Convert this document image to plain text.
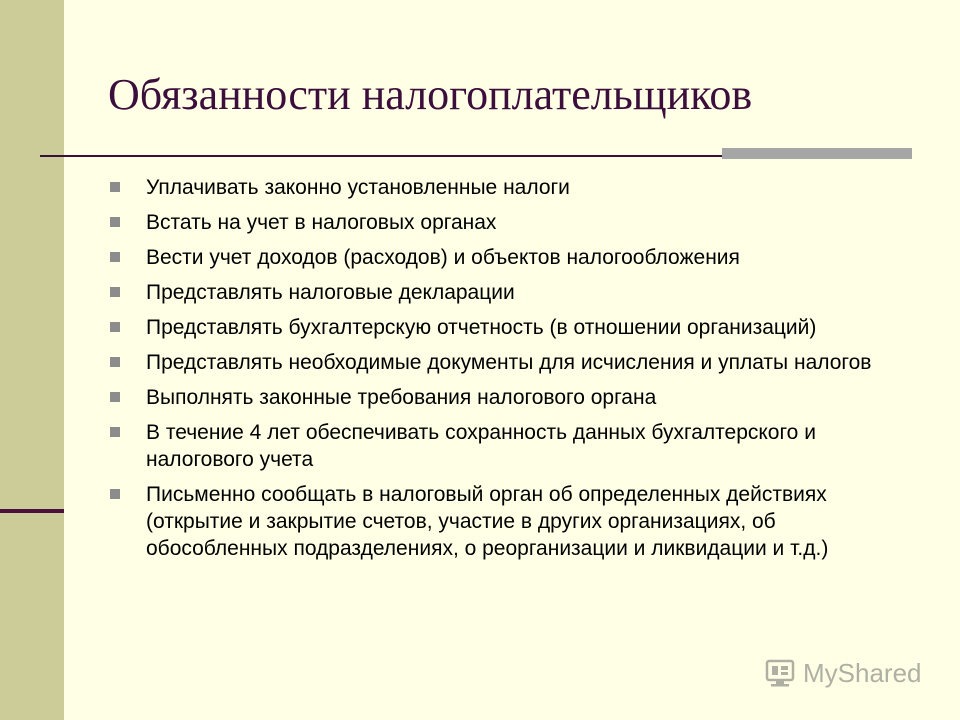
Обязанности налогоплательщиков
Уплачивать законно установленные налоги
Встать на учет в налоговых органах
Вести учет доходов (расходов) и объектов налогообложения
Представлять налоговые декларации
Представлять бухгалтерскую отчетность (в отношении организаций)
Представлять необходимые документы для исчисления и уплаты налогов
Выполнять законные требования налогового органа
В течение 4 лет обеспечивать сохранность данных бухгалтерского и налогового учета
Письменно сообщать в налоговый орган об определенных действиях (открытие и закрытие счетов, участие в других организациях, об обособленных подразделениях, о реорганизации и ликвидации и т.д.)
MyShared
